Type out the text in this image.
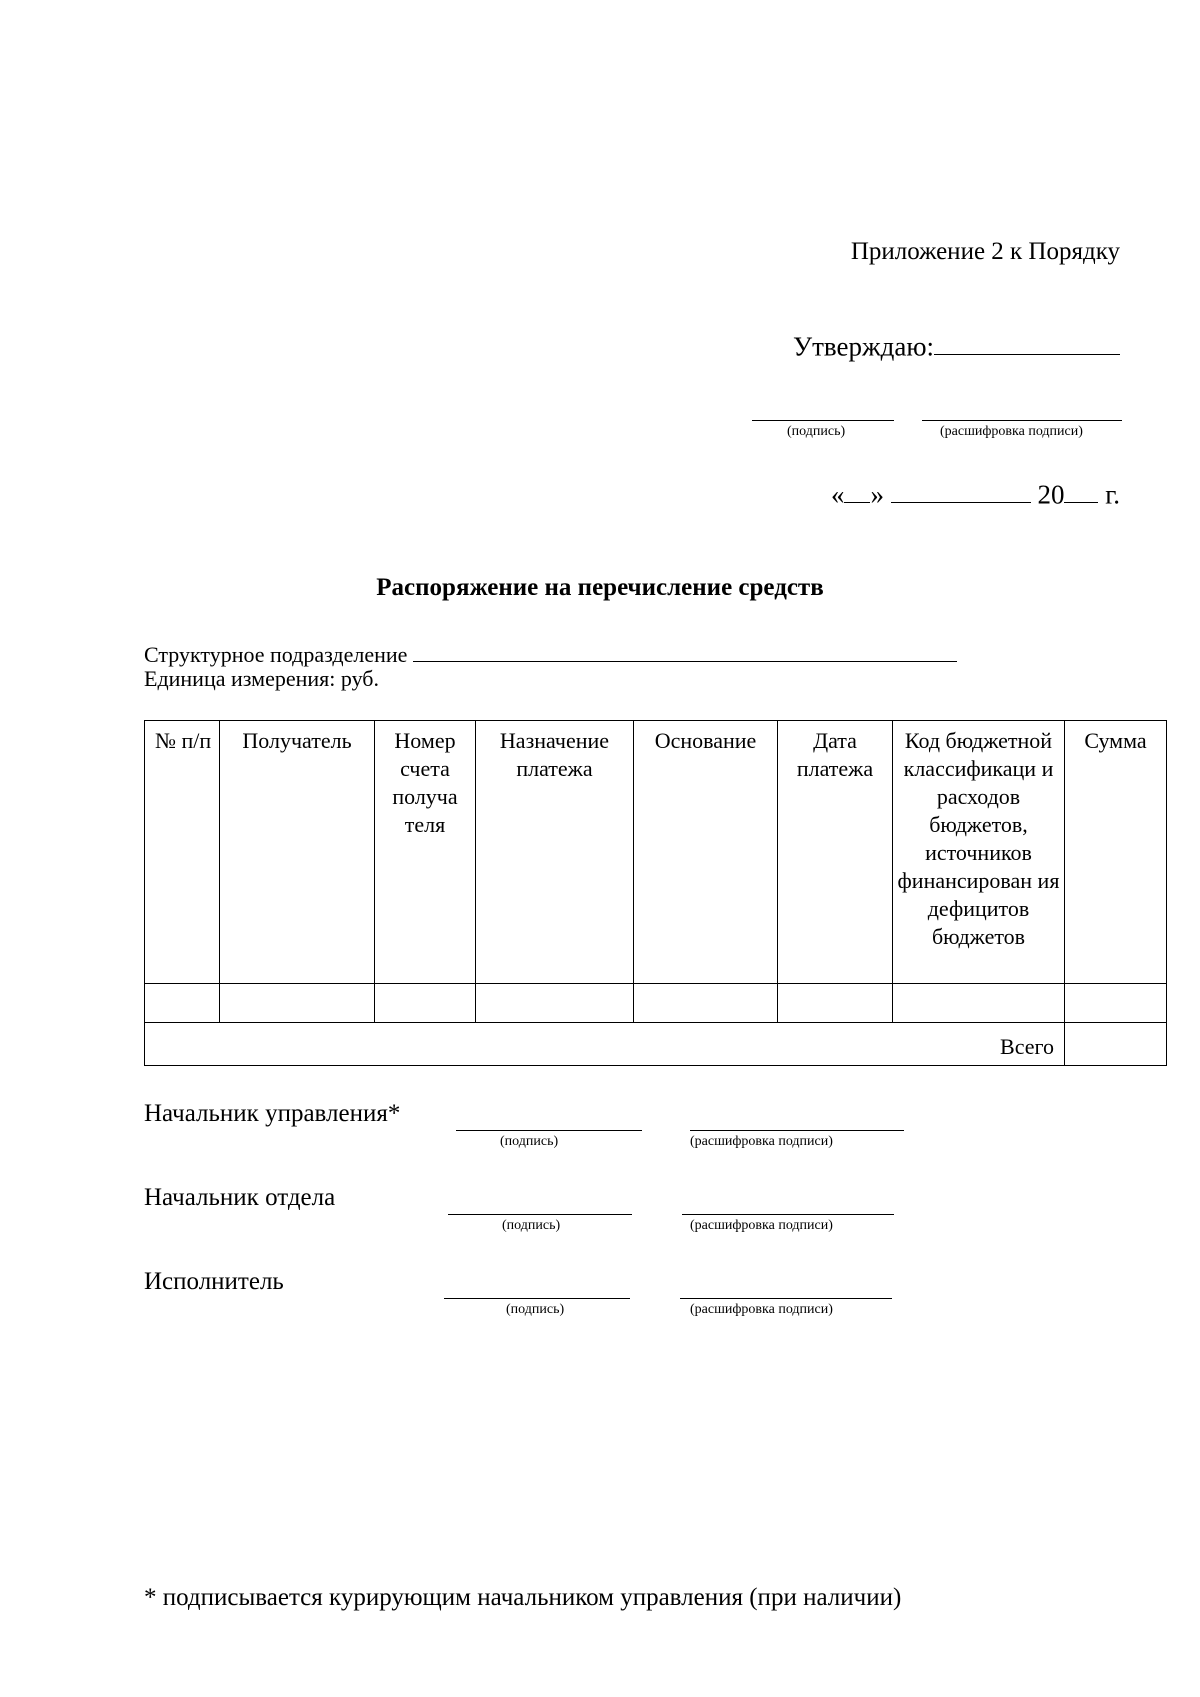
Приложение 2 к Порядку
Утверждаю:
(подпись)	(расшифровка подписи)
« »	20 г.
Распоряжение на перечисление средств
Структурное подразделение
Единица измерения: руб.
№ п/п	Получатель	Номер счета получа теля	Назначение платежа	Основание	Дата платежа	Код бюджетной классификаци и расходов бюджетов, источников финансирован ия дефицитов бюджетов	Сумма

Всего							
Начальник управления*
(подпись)	(расшифровка подписи)
Начальник отдела
(подпись)	(расшифровка подписи)
Исполнитель
(подпись)	(расшифровка подписи)
* подписывается курирующим начальником управления (при наличии)
